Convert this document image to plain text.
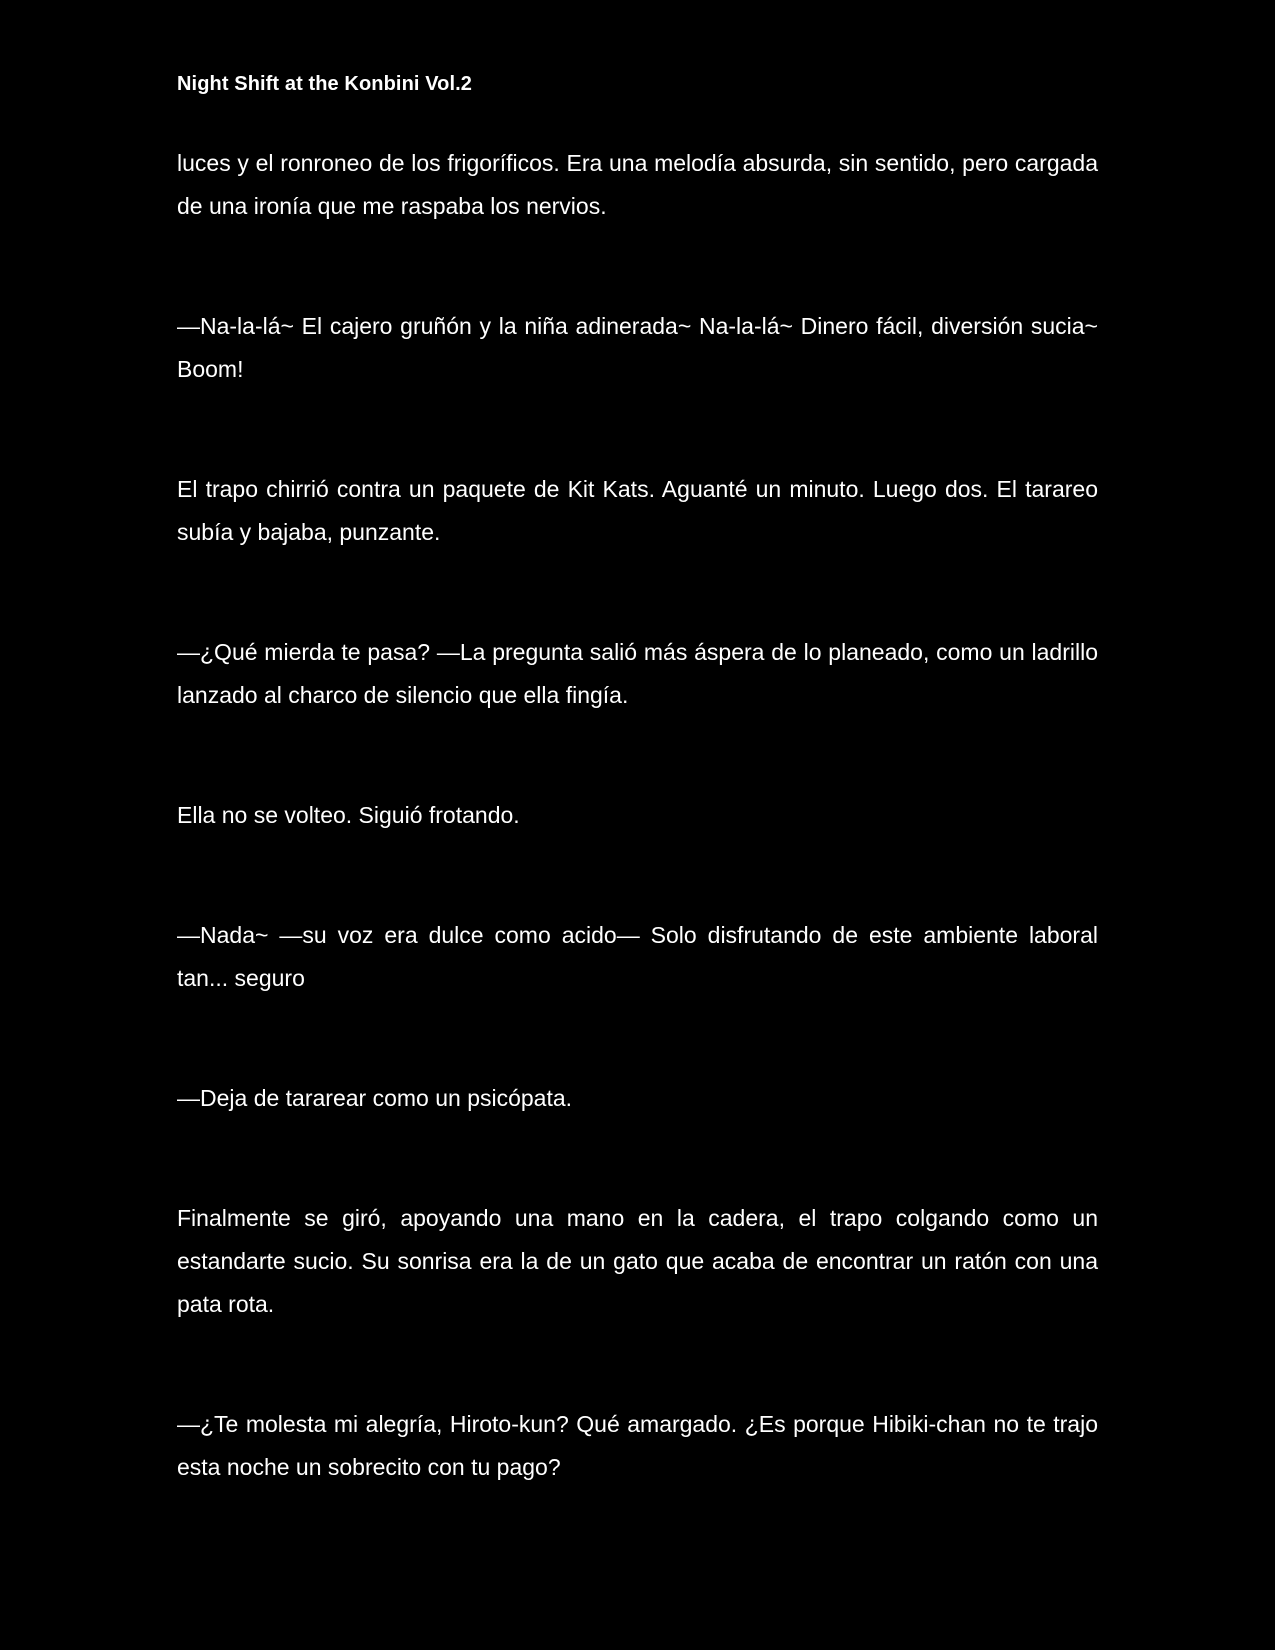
Night Shift at the Konbini Vol.2

luces y el ronroneo de los frigoríficos. Era una melodía absurda, sin sentido, pero cargada de una ironía que me raspaba los nervios.

—Na-la-lá~ El cajero gruñón y la niña adinerada~ Na-la-lá~ Dinero fácil, diversión sucia~ Boom!

El trapo chirrió contra un paquete de Kit Kats. Aguanté un minuto. Luego dos. El tarareo subía y bajaba, punzante.

—¿Qué mierda te pasa? —La pregunta salió más áspera de lo planeado, como un ladrillo lanzado al charco de silencio que ella fingía.

Ella no se volteo. Siguió frotando.

—Nada~ —su voz era dulce como acido— Solo disfrutando de este ambiente laboral tan... seguro

—Deja de tararear como un psicópata.

Finalmente se giró, apoyando una mano en la cadera, el trapo colgando como un estandarte sucio. Su sonrisa era la de un gato que acaba de encontrar un ratón con una pata rota.

—¿Te molesta mi alegría, Hiroto-kun? Qué amargado. ¿Es porque Hibiki-chan no te trajo esta noche un sobrecito con tu pago?
